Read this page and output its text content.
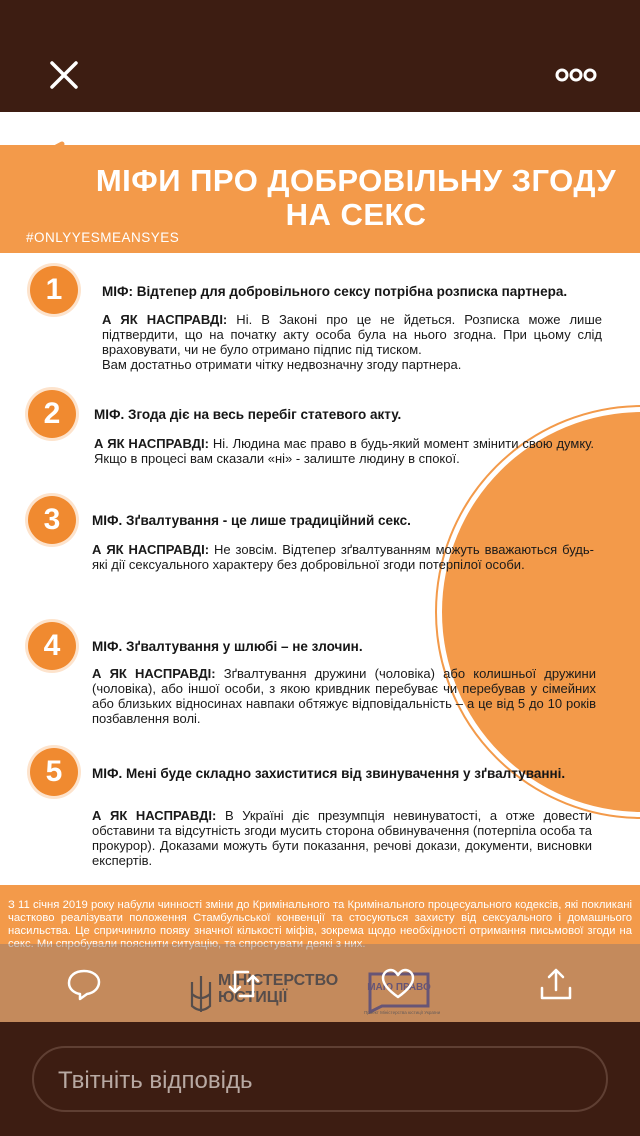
МІФИ ПРО ДОБРОВІЛЬНУ ЗГОДУ НА СЕКС
#ONLYYESMEANSYES
1	МІФ: Відтепер для добровільного сексу потрібна розписка партнера.
А ЯК НАСПРАВДІ: Ні. В Законі про це не йдеться. Розписка може лише підтвердити, що на початку акту особа була на нього згодна. При цьому слід враховувати, чи не було отримано підпис під тиском.
Вам достатньо отримати чітку недвозначну згоду партнера.
2	МІФ. Згода діє на весь перебіг статевого акту.
А ЯК НАСПРАВДІ: Ні. Людина має право в будь-який момент змінити свою думку. Якщо в процесі вам сказали «ні» - залиште людину в спокої.
3	МІФ. Зґвалтування - це лише традиційний секс.
А ЯК НАСПРАВДІ: Не зовсім. Відтепер зґвалтуванням можуть вважаються будь-які дії сексуального характеру без добровільної згоди потерпілої особи.
4	МІФ. Зґвалтування у шлюбі – не злочин.
А ЯК НАСПРАВДІ: Зґвалтування дружини (чоловіка) або колишньої дружини (чоловіка), або іншої особи, з якою кривдник перебуває чи перебував у сімейних або близьких відносинах навпаки обтяжує відповідальність – а це від 5 до 10 років позбавлення волі.
5	МІФ. Мені буде складно захиститися від звинувачення у зґвалтуванні.
А ЯК НАСПРАВДІ: В Україні діє презумпція невинуватості, а отже довести обставини та відсутність згоди мусить сторона обвинувачення (потерпіла особа та прокурор). Доказами можуть бути показання, речові докази, документи, висновки експертів.
З 11 січня 2019 року набули чинності зміни до Кримінального та Кримінального процесуального кодексів, які покликані частково реалізувати положення Стамбульської конвенції та стосуються захисту від сексуального і домашнього насильства. Це спричинило появу значної кількості міфів, зокрема щодо необхідності отримання письмової згоди на секс. Ми спробували пояснити ситуацію, та спростувати деякі з них.
МІНІСТЕРСТВО
ЮСТИЦІЇ
МАЮ ПРАВО
Проект Міністерства юстиції України
Твітніть відповідь
